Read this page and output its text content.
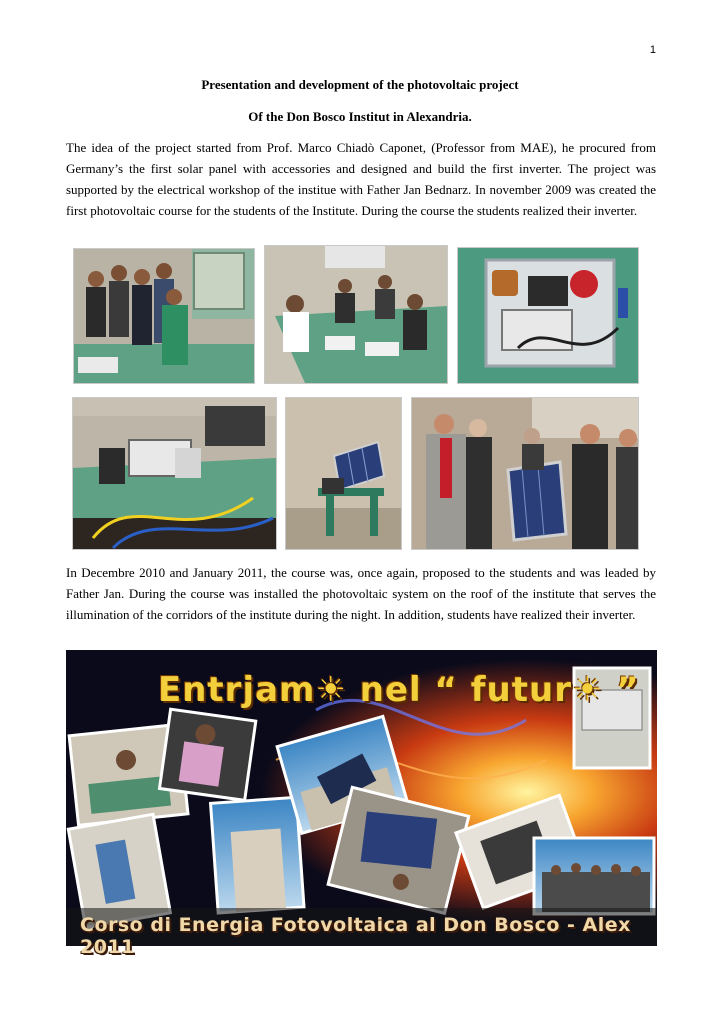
1
Presentation and development of the photovoltaic project
Of the Don Bosco Institut in Alexandria.
The idea of the project started from Prof. Marco Chiadò Caponet, (Professor from MAE), he procured from Germany’s the first solar panel with accessories and designed and build the first inverter. The project was supported by the electrical workshop of the institue with Father Jan Bednarz. In november 2009 was created the first photovoltaic course for the students of the Institute. During the course the students realized their inverter.
In Decembre 2010 and January 2011, the course was, once again, proposed to the students and was leaded by Father Jan. During the course was installed the photovoltaic system on the roof of the institute that serves the illumination of the corridors of the institute during the night. In addition, students have realized their inverter.
Entrjam☀ nel “ futur☀ ”
Corso di Energia Fotovoltaica al Don Bosco - Alex 2011
